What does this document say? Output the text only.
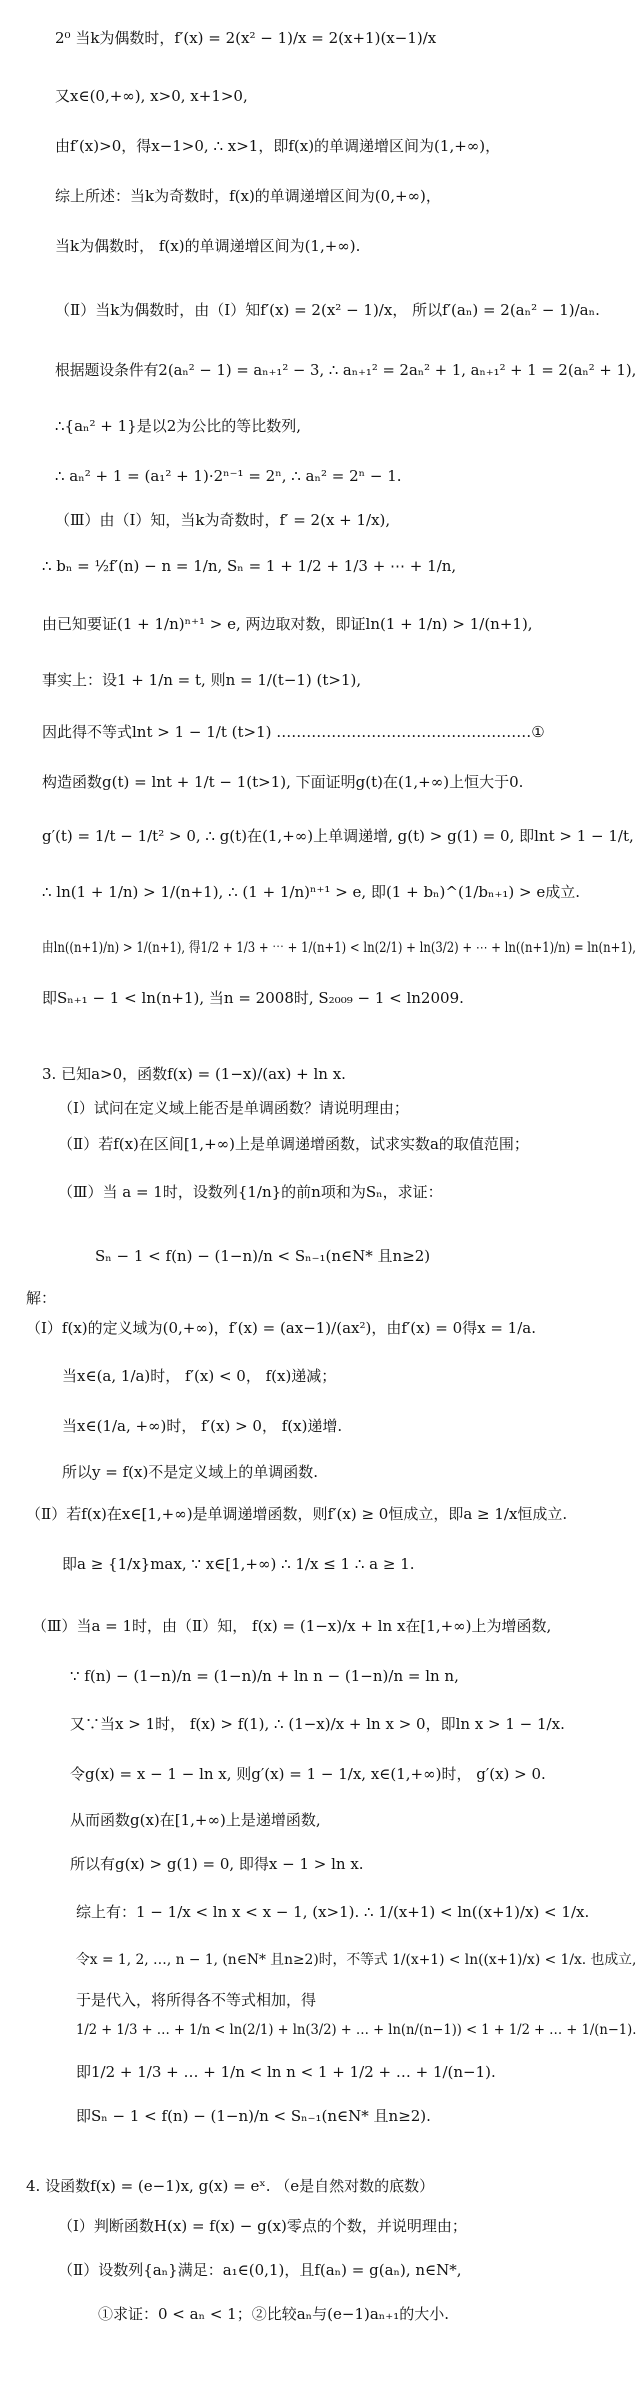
2⁰ 当k为偶数时，f′(x) = 2(x² − 1)/x = 2(x+1)(x−1)/x
又x∈(0,+∞), x>0, x+1>0,
由f′(x)>0，得x−1>0, ∴ x>1，即f(x)的单调递增区间为(1,+∞)，
综上所述：当k为奇数时，f(x)的单调递增区间为(0,+∞)，
当k为偶数时， f(x)的单调递增区间为(1,+∞).
（Ⅱ）当k为偶数时，由（Ⅰ）知f′(x) = 2(x² − 1)/x， 所以f′(aₙ) = 2(aₙ² − 1)/aₙ.
根据题设条件有2(aₙ² − 1) = aₙ₊₁² − 3, ∴ aₙ₊₁² = 2aₙ² + 1, aₙ₊₁² + 1 = 2(aₙ² + 1),
∴{aₙ² + 1}是以2为公比的等比数列,
∴ aₙ² + 1 = (a₁² + 1)·2ⁿ⁻¹ = 2ⁿ, ∴ aₙ² = 2ⁿ − 1.
（Ⅲ）由（Ⅰ）知，当k为奇数时，f′ = 2(x + 1/x),
∴ bₙ = ½f′(n) − n = 1/n, Sₙ = 1 + 1/2 + 1/3 + ⋯ + 1/n,
由已知要证(1 + 1/n)ⁿ⁺¹ > e, 两边取对数，即证ln(1 + 1/n) > 1/(n+1),
事实上：设1 + 1/n = t, 则n = 1/(t−1) (t>1),
因此得不等式lnt > 1 − 1/t (t>1) ……………………………………………①
构造函数g(t) = lnt + 1/t − 1(t>1), 下面证明g(t)在(1,+∞)上恒大于0.
g′(t) = 1/t − 1/t² > 0, ∴ g(t)在(1,+∞)上单调递增, g(t) > g(1) = 0, 即lnt > 1 − 1/t,
∴ ln(1 + 1/n) > 1/(n+1), ∴ (1 + 1/n)ⁿ⁺¹ > e, 即(1 + bₙ)^(1/bₙ₊₁) > e成立.
由ln((n+1)/n) > 1/(n+1), 得1/2 + 1/3 + ⋯ + 1/(n+1) < ln(2/1) + ln(3/2) + ⋯ + ln((n+1)/n) = ln(n+1),
即Sₙ₊₁ − 1 < ln(n+1), 当n = 2008时, S₂₀₀₉ − 1 < ln2009.
3. 已知a>0，函数f(x) = (1−x)/(ax) + ln x.
（Ⅰ）试问在定义域上能否是单调函数？请说明理由；
（Ⅱ）若f(x)在区间[1,+∞)上是单调递增函数，试求实数a的取值范围；
（Ⅲ）当 a = 1时，设数列{1/n}的前n项和为Sₙ，求证：
Sₙ − 1 < f(n) − (1−n)/n < Sₙ₋₁(n∈N* 且n≥2)
解：
（Ⅰ）f(x)的定义域为(0,+∞)，f′(x) = (ax−1)/(ax²)，由f′(x) = 0得x = 1/a.
当x∈(a, 1/a)时， f′(x) < 0， f(x)递减；
当x∈(1/a, +∞)时， f′(x) > 0， f(x)递增.
所以y = f(x)不是定义域上的单调函数.
（Ⅱ）若f(x)在x∈[1,+∞)是单调递增函数，则f′(x) ≥ 0恒成立，即a ≥ 1/x恒成立.
即a ≥ {1/x}max, ∵ x∈[1,+∞) ∴ 1/x ≤ 1 ∴ a ≥ 1.
（Ⅲ）当a = 1时，由（Ⅱ）知， f(x) = (1−x)/x + ln x在[1,+∞)上为增函数,
∵ f(n) − (1−n)/n = (1−n)/n + ln n − (1−n)/n = ln n,
又∵当x > 1时， f(x) > f(1), ∴ (1−x)/x + ln x > 0，即ln x > 1 − 1/x.
令g(x) = x − 1 − ln x, 则g′(x) = 1 − 1/x, x∈(1,+∞)时， g′(x) > 0.
从而函数g(x)在[1,+∞)上是递增函数,
所以有g(x) > g(1) = 0, 即得x − 1 > ln x.
综上有：1 − 1/x < ln x < x − 1, (x>1). ∴ 1/(x+1) < ln((x+1)/x) < 1/x.
令x = 1, 2, …, n − 1, (n∈N* 且n≥2)时，不等式 1/(x+1) < ln((x+1)/x) < 1/x. 也成立,
于是代入，将所得各不等式相加，得
1/2 + 1/3 + … + 1/n < ln(2/1) + ln(3/2) + … + ln(n/(n−1)) < 1 + 1/2 + … + 1/(n−1).
即1/2 + 1/3 + … + 1/n < ln n < 1 + 1/2 + … + 1/(n−1).
即Sₙ − 1 < f(n) − (1−n)/n < Sₙ₋₁(n∈N* 且n≥2).
4. 设函数f(x) = (e−1)x, g(x) = eˣ. （e是自然对数的底数）
（Ⅰ）判断函数H(x) = f(x) − g(x)零点的个数，并说明理由；
（Ⅱ）设数列{aₙ}满足：a₁∈(0,1)，且f(aₙ) = g(aₙ), n∈N*,
①求证：0 < aₙ < 1；②比较aₙ与(e−1)aₙ₊₁的大小.
